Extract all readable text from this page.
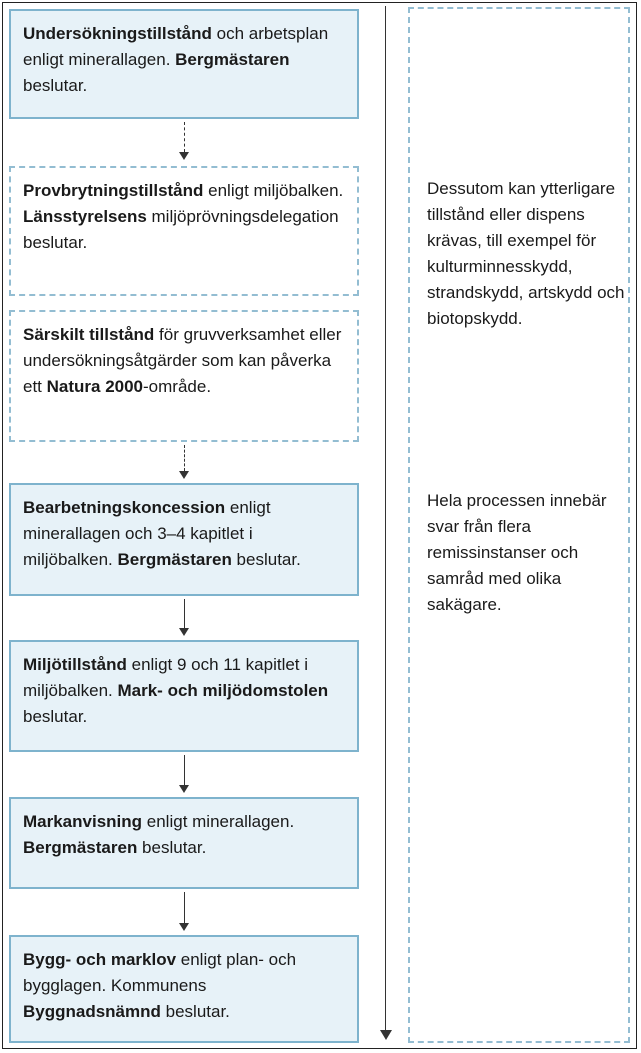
Undersökningstillstånd och arbetsplan enligt minerallagen. Bergmästaren beslutar.
Provbrytningstillstånd enligt miljöbalken. Länsstyrelsens miljöprövningsdelegation beslutar.
Särskilt tillstånd för gruvverksamhet eller undersökningsåtgärder som kan påverka ett Natura 2000-område.
Bearbetningskoncession enligt minerallagen och 3–4 kapitlet i miljöbalken. Bergmästaren beslutar.
Miljötillstånd enligt 9 och 11 kapitlet i miljöbalken. Mark- och miljödomstolen beslutar.
Markanvisning enligt minerallagen. Bergmästaren beslutar.
Bygg- och marklov enligt plan- och bygglagen. Kommunens Byggnadsnämnd beslutar.
Dessutom kan ytterligare tillstånd eller dispens krävas, till exempel för kulturminnesskydd, strandskydd, artskydd och biotopskydd.
Hela processen innebär svar från flera remissinstanser och samråd med olika sakägare.
